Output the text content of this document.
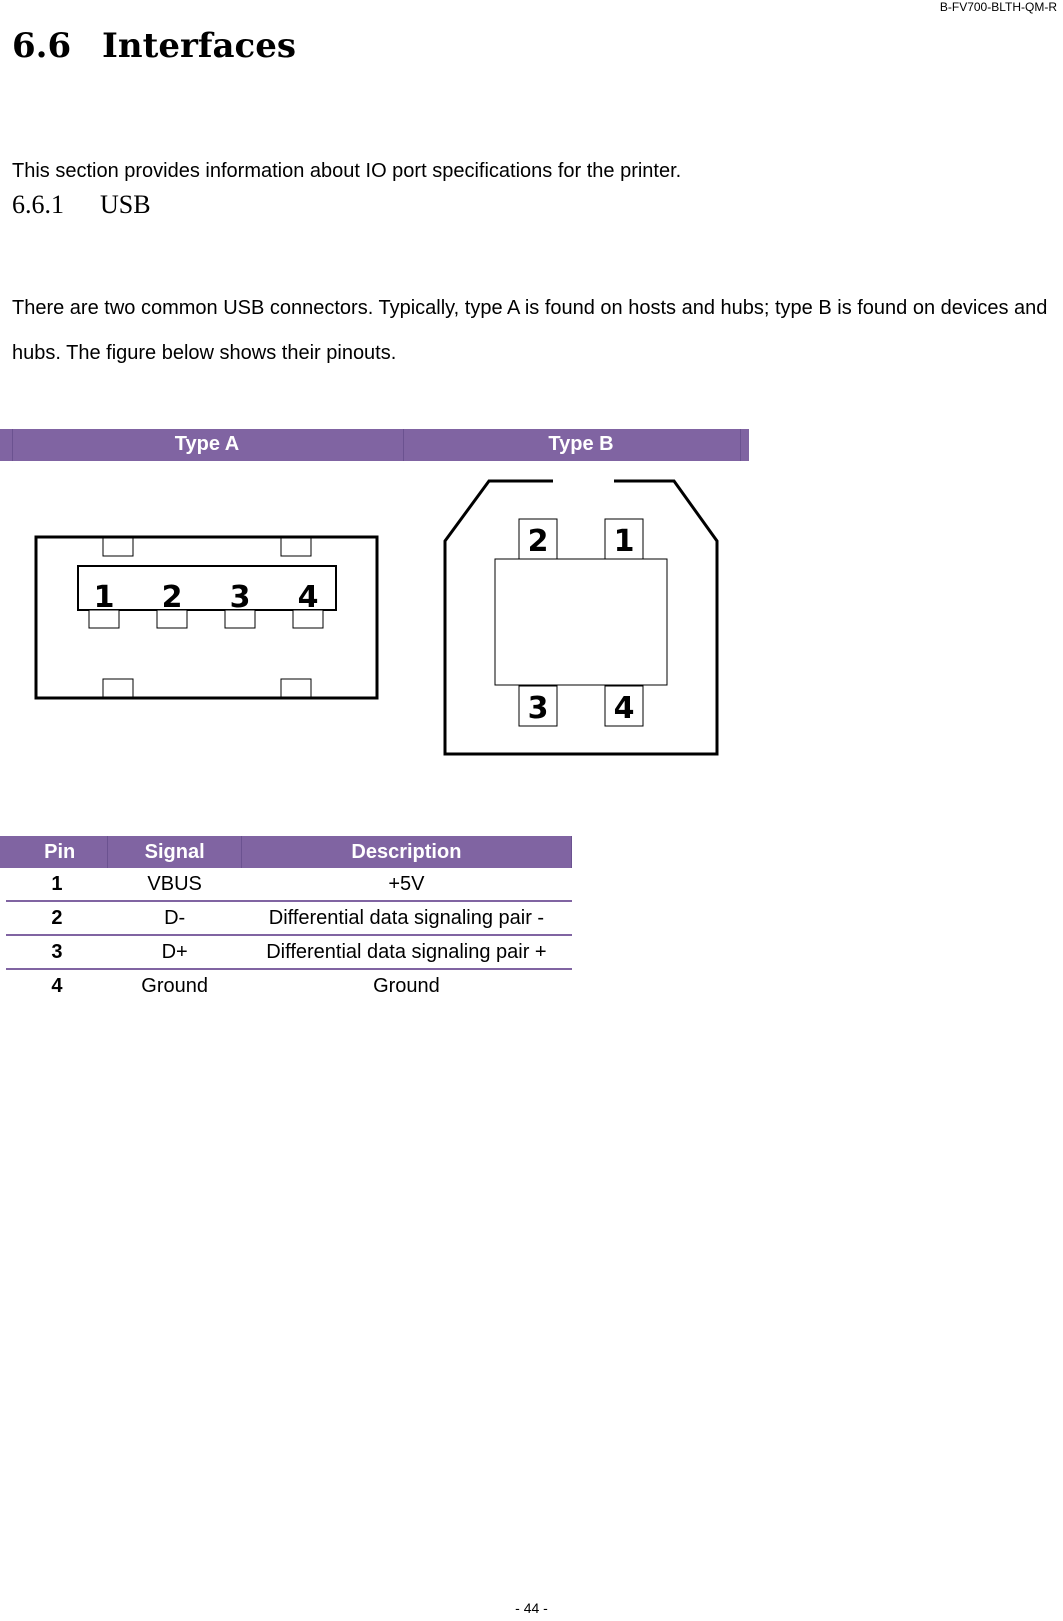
B-FV700-BLTH-QM-R
6.6 Interfaces

This section provides information about IO port specifications for the printer.

6.6.1 USB

There are two common USB connectors. Typically, type A is found on hosts and hubs; type B is found on devices and hubs. The figure below shows their pinouts.

Type A	Type B
1 2 3 4
2 1
3 4
Pin	Signal	Description
1	VBUS	+5V
2	D-	Differential data signaling pair -
3	D+	Differential data signaling pair +
4	Ground	Ground
- 44 -
